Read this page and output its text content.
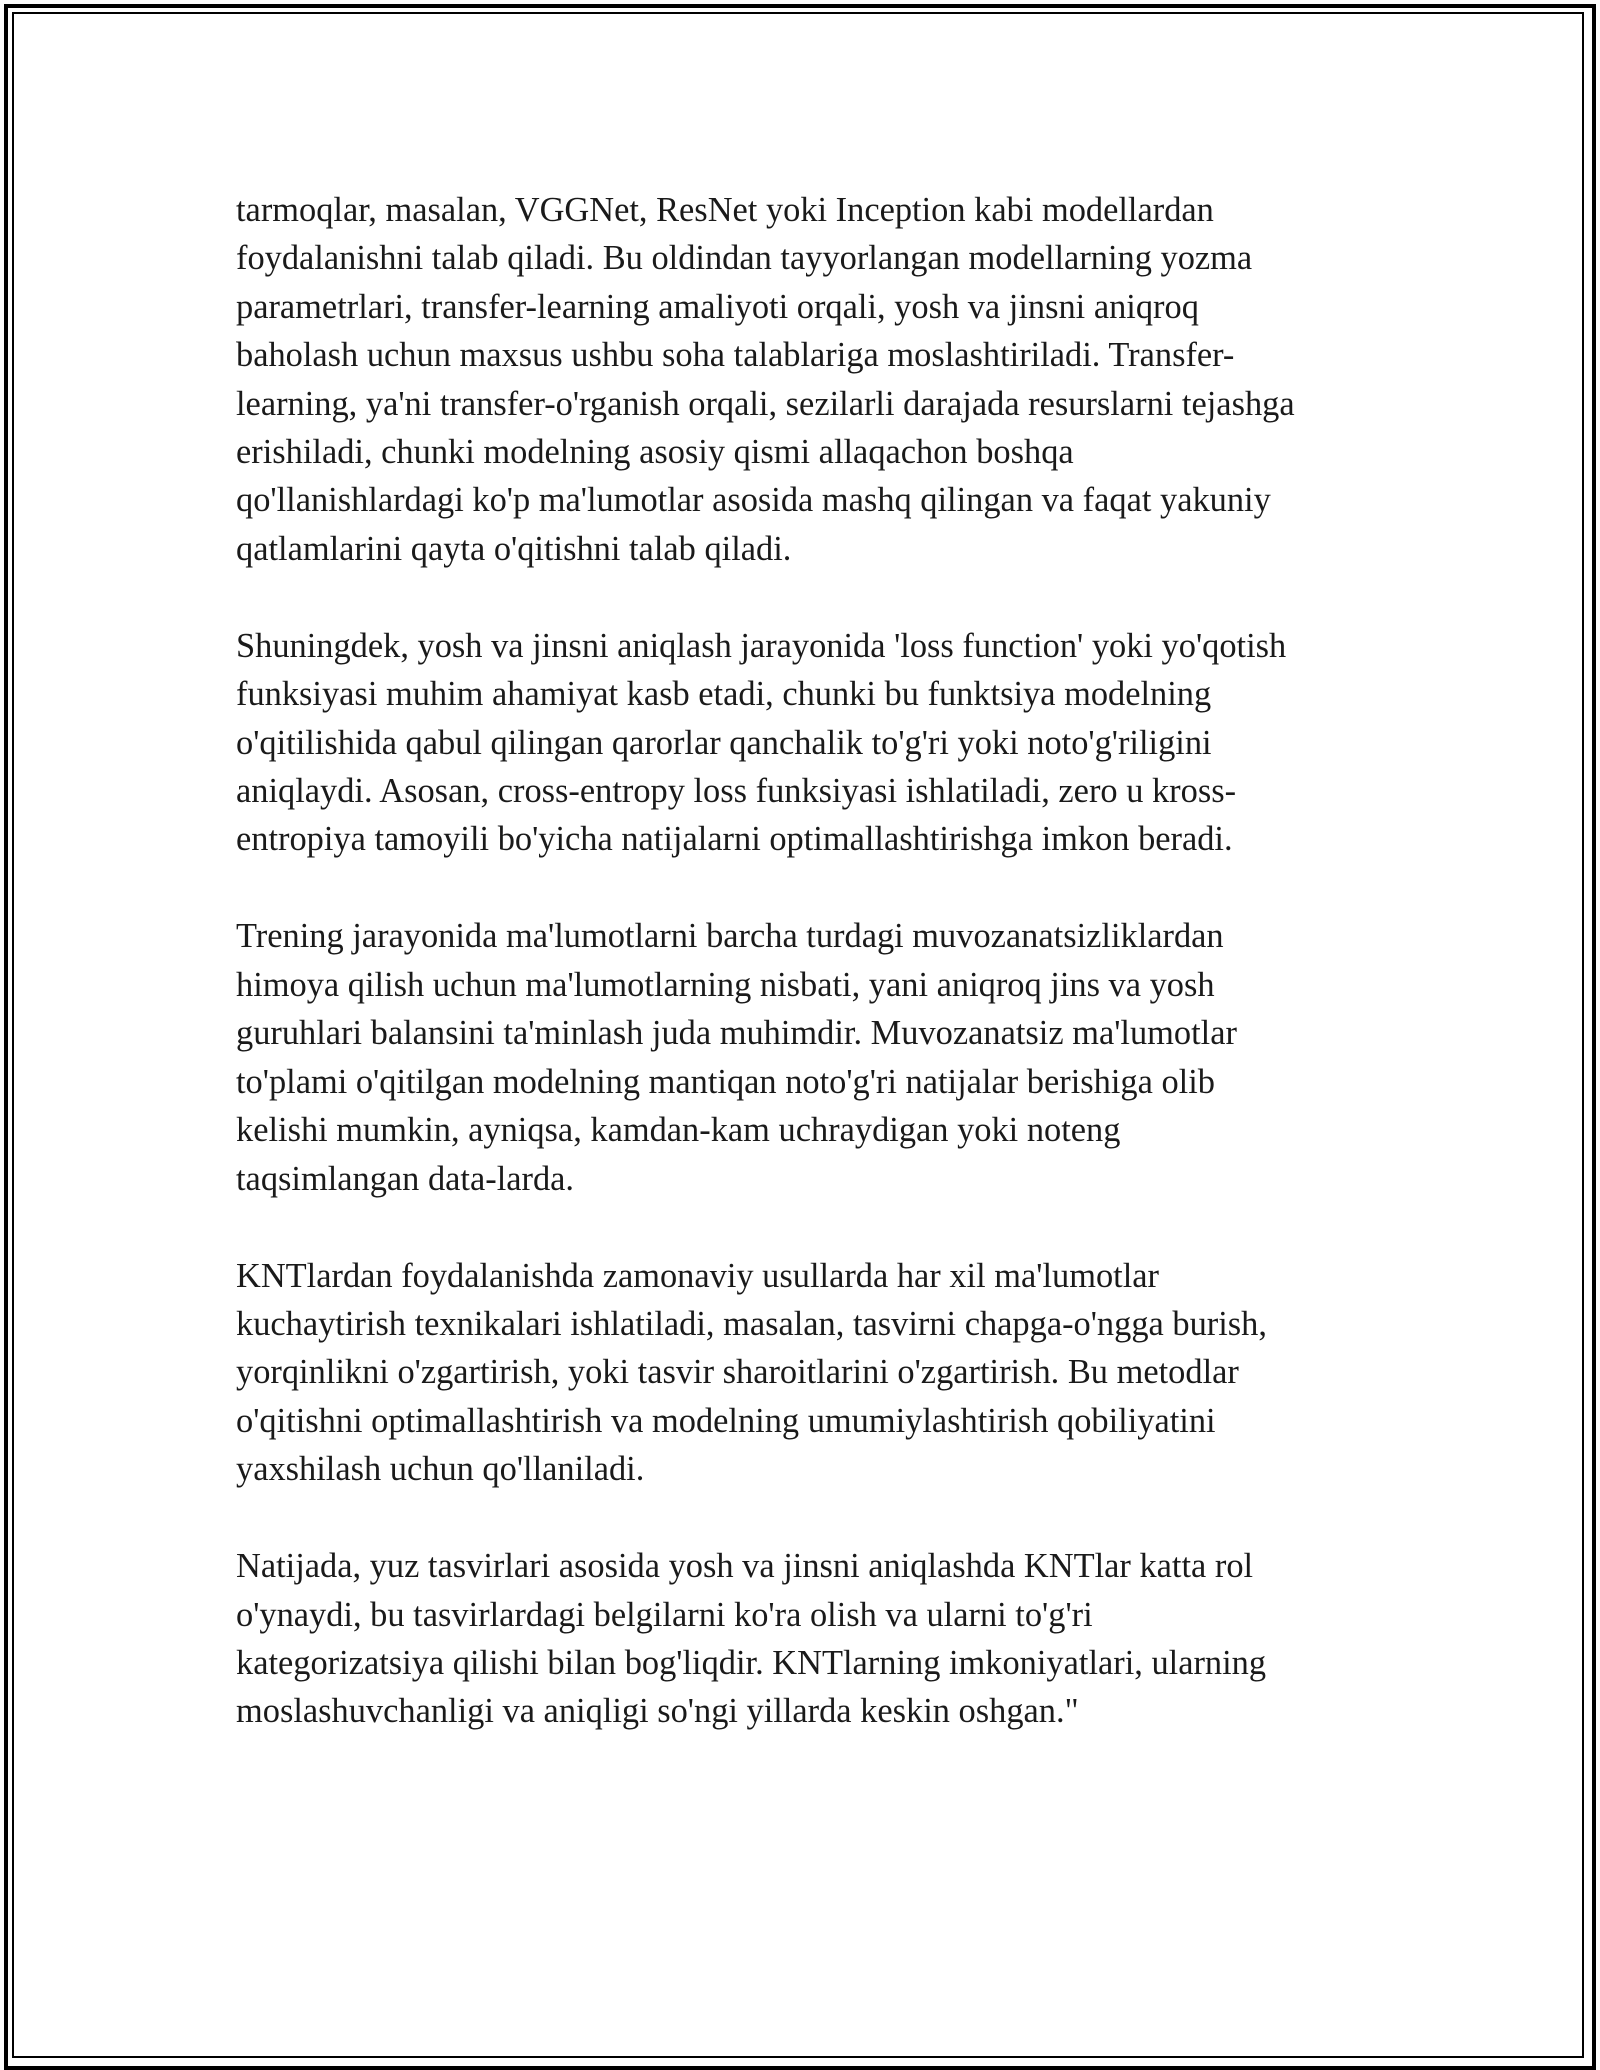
tarmoqlar, masalan, VGGNet, ResNet yoki Inception kabi modellardan
foydalanishni talab qiladi. Bu oldindan tayyorlangan modellarning yozma
parametrlari, transfer-learning amaliyoti orqali, yosh va jinsni aniqroq
baholash uchun maxsus ushbu soha talablariga moslashtiriladi. Transfer-
learning, ya'ni transfer-o'rganish orqali, sezilarli darajada resurslarni tejashga
erishiladi, chunki modelning asosiy qismi allaqachon boshqa
qo'llanishlardagi ko'p ma'lumotlar asosida mashq qilingan va faqat yakuniy
qatlamlarini qayta o'qitishni talab qiladi.
Shuningdek, yosh va jinsni aniqlash jarayonida 'loss function' yoki yo'qotish
funksiyasi muhim ahamiyat kasb etadi, chunki bu funktsiya modelning
o'qitilishida qabul qilingan qarorlar qanchalik to'g'ri yoki noto'g'riligini
aniqlaydi. Asosan, cross-entropy loss funksiyasi ishlatiladi, zero u kross-
entropiya tamoyili bo'yicha natijalarni optimallashtirishga imkon beradi.
Trening jarayonida ma'lumotlarni barcha turdagi muvozanatsizliklardan
himoya qilish uchun ma'lumotlarning nisbati, yani aniqroq jins va yosh
guruhlari balansini ta'minlash juda muhimdir. Muvozanatsiz ma'lumotlar
to'plami o'qitilgan modelning mantiqan noto'g'ri natijalar berishiga olib
kelishi mumkin, ayniqsa, kamdan-kam uchraydigan yoki noteng
taqsimlangan data-larda.
KNTlardan foydalanishda zamonaviy usullarda har xil ma'lumotlar
kuchaytirish texnikalari ishlatiladi, masalan, tasvirni chapga-o'ngga burish,
yorqinlikni o'zgartirish, yoki tasvir sharoitlarini o'zgartirish. Bu metodlar
o'qitishni optimallashtirish va modelning umumiylashtirish qobiliyatini
yaxshilash uchun qo'llaniladi.
Natijada, yuz tasvirlari asosida yosh va jinsni aniqlashda KNTlar katta rol
o'ynaydi, bu tasvirlardagi belgilarni ko'ra olish va ularni to'g'ri
kategorizatsiya qilishi bilan bog'liqdir. KNTlarning imkoniyatlari, ularning
moslashuvchanligi va aniqligi so'ngi yillarda keskin oshgan."
